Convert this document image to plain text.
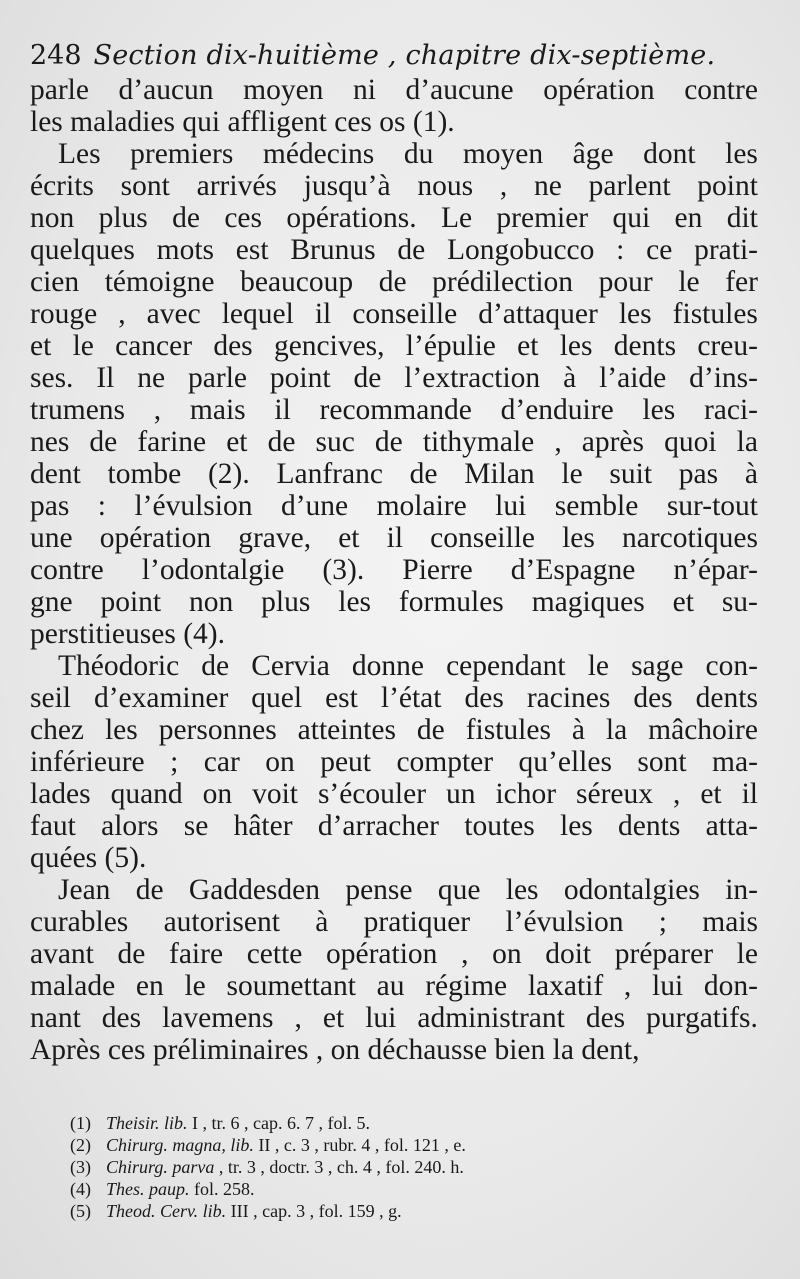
248 Section dix-huitième , chapitre dix-septième.
parle d’aucun moyen ni d’aucune opération contre
les maladies qui affligent ces os (1).
Les premiers médecins du moyen âge dont les
écrits sont arrivés jusqu’à nous , ne parlent point
non plus de ces opérations. Le premier qui en dit
quelques mots est Brunus de Longobucco : ce prati-
cien témoigne beaucoup de prédilection pour le fer
rouge , avec lequel il conseille d’attaquer les fistules
et le cancer des gencives, l’épulie et les dents creu-
ses. Il ne parle point de l’extraction à l’aide d’ins-
trumens , mais il recommande d’enduire les raci-
nes de farine et de suc de tithymale , après quoi la
dent tombe (2). Lanfranc de Milan le suit pas à
pas : l’évulsion d’une molaire lui semble sur-tout
une opération grave, et il conseille les narcotiques
contre l’odontalgie (3). Pierre d’Espagne n’épar-
gne point non plus les formules magiques et su-
perstitieuses (4).
Théodoric de Cervia donne cependant le sage con-
seil d’examiner quel est l’état des racines des dents
chez les personnes atteintes de fistules à la mâchoire
inférieure ; car on peut compter qu’elles sont ma-
lades quand on voit s’écouler un ichor séreux , et il
faut alors se hâter d’arracher toutes les dents atta-
quées (5).
Jean de Gaddesden pense que les odontalgies in-
curables autorisent à pratiquer l’évulsion ; mais
avant de faire cette opération , on doit préparer le
malade en le soumettant au régime laxatif , lui don-
nant des lavemens , et lui administrant des purgatifs.
Après ces préliminaires , on déchausse bien la dent,
(1) Theisir. lib. I , tr. 6 , cap. 6. 7 , fol. 5.
(2) Chirurg. magna, lib. II , c. 3 , rubr. 4 , fol. 121 , e.
(3) Chirurg. parva , tr. 3 , doctr. 3 , ch. 4 , fol. 240. h.
(4) Thes. paup. fol. 258.
(5) Theod. Cerv. lib. III , cap. 3 , fol. 159 , g.
